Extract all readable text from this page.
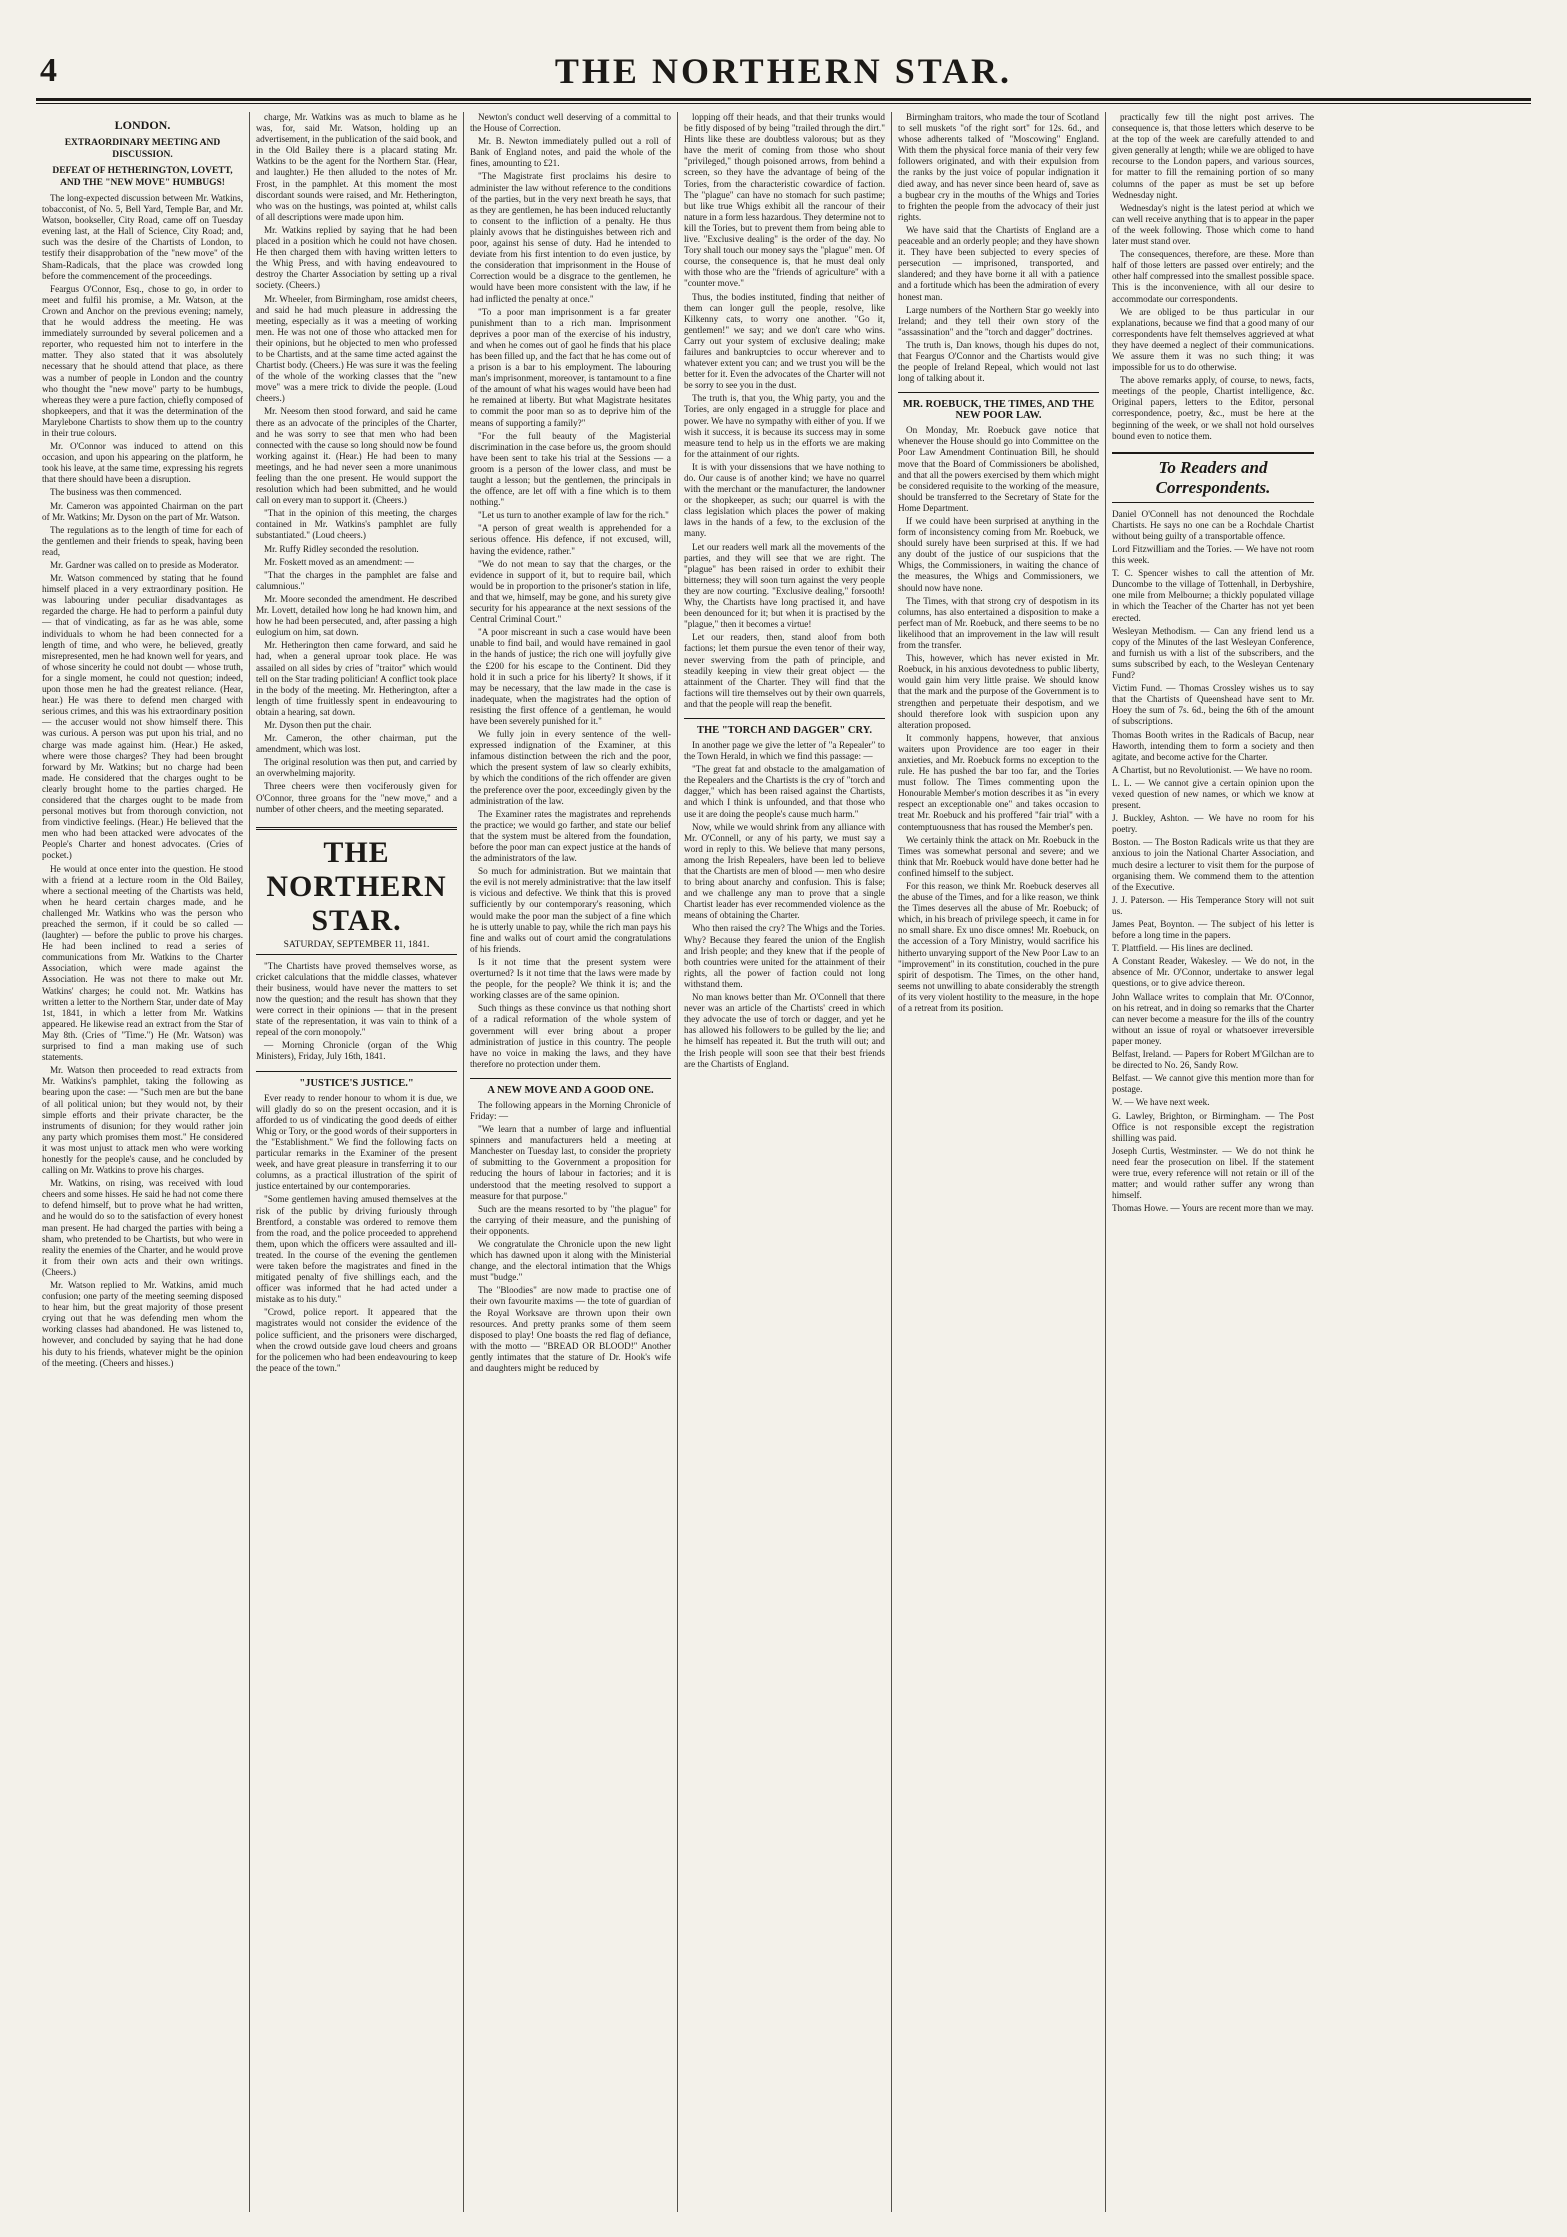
4	THE NORTHERN STAR.
LONDON.
EXTRAORDINARY MEETING AND DISCUSSION.
DEFEAT OF HETHERINGTON, LOVETT, AND THE "NEW MOVE" HUMBUGS!

The long-expected discussion between Mr. Watkins, tobacconist, of No. 5, Bell Yard, Temple Bar, and Mr. Watson, bookseller, City Road, came off on Tuesday evening last, at the Hall of Science, City Road; and, such was the desire of the Chartists of London, to testify their disapprobation of the "new move" of the Sham-Radicals, that the place was crowded long before the commencement of the proceedings.

Feargus O'Connor, Esq., chose to go, in order to meet and fulfil his promise, a Mr. Watson, at the Crown and Anchor on the previous evening; namely, that he would address the meeting. He was immediately surrounded by several policemen and a reporter, who requested him not to interfere in the matter. They also stated that it was absolutely necessary that he should attend that place, as there was a number of people in London and the country who thought the "new move" party to be humbugs, whereas they were a pure faction, chiefly composed of shopkeepers, and that it was the determination of the Marylebone Chartists to show them up to the country in their true colours.

Mr. O'Connor was induced to attend on this occasion, and upon his appearing on the platform, he took his leave, at the same time, expressing his regrets that there should have been a disruption.

The business was then commenced.

Mr. Cameron was appointed Chairman on the part of Mr. Watkins; Mr. Dyson on the part of Mr. Watson.

The regulations as to the length of time for each of the gentlemen and their friends to speak, having been read,

Mr. Gardner was called on to preside as Moderator.

Mr. Watson commenced by stating that he found himself placed in a very extraordinary position. He was labouring under peculiar disadvantages as regarded the charge. He had to perform a painful duty — that of vindicating, as far as he was able, some individuals to whom he had been connected for a length of time, and who were, he believed, greatly misrepresented, men he had known well for years, and of whose sincerity he could not doubt — whose truth, for a single moment, he could not question; indeed, upon those men he had the greatest reliance. (Hear, hear.) He was there to defend men charged with serious crimes, and this was his extraordinary position — the accuser would not show himself there. This was curious. A person was put upon his trial, and no charge was made against him. (Hear.) He asked, where were those charges? They had been brought forward by Mr. Watkins; but no charge had been made. He considered that the charges ought to be clearly brought home to the parties charged. He considered that the charges ought to be made from personal motives but from thorough conviction, not from vindictive feelings. (Hear.) He believed that the men who had been attacked were advocates of the People's Charter and honest advocates. (Cries of pocket.)

He would at once enter into the question. He stood with a friend at a lecture room in the Old Bailey, where a sectional meeting of the Chartists was held, when he heard certain charges made, and he challenged Mr. Watkins who was the person who preached the sermon, if it could be so called — (laughter) — before the public to prove his charges. He had been inclined to read a series of communications from Mr. Watkins to the Charter Association, which were made against the Association. He was not there to make out Mr. Watkins' charges; he could not. Mr. Watkins has written a letter to the Northern Star, under date of May 1st, 1841, in which a letter from Mr. Watkins appeared. He likewise read an extract from the Star of May 8th. (Cries of "Time.") He (Mr. Watson) was surprised to find a man making use of such statements.

Mr. Watson then proceeded to read extracts from Mr. Watkins's pamphlet, taking the following as bearing upon the case: — "Such men are but the bane of all political union; but they would not, by their simple efforts and their private character, be the instruments of disunion; for they would rather join any party which promises them most." He considered it was most unjust to attack men who were working honestly for the people's cause, and he concluded by calling on Mr. Watkins to prove his charges.

Mr. Watkins, on rising, was received with loud cheers and some hisses. He said he had not come there to defend himself, but to prove what he had written, and he would do so to the satisfaction of every honest man present. He had charged the parties with being a sham, who pretended to be Chartists, but who were in reality the enemies of the Charter, and he would prove it from their own acts and their own writings. (Cheers.)

Mr. Watson replied to Mr. Watkins, amid much confusion; one party of the meeting seeming disposed to hear him, but the great majority of those present crying out that he was defending men whom the working classes had abandoned. He was listened to, however, and concluded by saying that he had done his duty to his friends, whatever might be the opinion of the meeting. (Cheers and hisses.)

charge, Mr. Watkins was as much to blame as he was, for, said Mr. Watson, holding up an advertisement, in the publication of the said book, and in the Old Bailey there is a placard stating Mr. Watkins to be the agent for the Northern Star. (Hear, and laughter.) He then alluded to the notes of Mr. Frost, in the pamphlet. At this moment the most discordant sounds were raised, and Mr. Hetherington, who was on the hustings, was pointed at, whilst calls of all descriptions were made upon him.

Mr. Watkins replied by saying that he had been placed in a position which he could not have chosen. He then charged them with having written letters to the Whig Press, and with having endeavoured to destroy the Charter Association by setting up a rival society. (Cheers.)

Mr. Wheeler, from Birmingham, rose amidst cheers, and said he had much pleasure in addressing the meeting, especially as it was a meeting of working men. He was not one of those who attacked men for their opinions, but he objected to men who professed to be Chartists, and at the same time acted against the Chartist body. (Cheers.) He was sure it was the feeling of the whole of the working classes that the "new move" was a mere trick to divide the people. (Loud cheers.)

Mr. Neesom then stood forward, and said he came there as an advocate of the principles of the Charter, and he was sorry to see that men who had been connected with the cause so long should now be found working against it. (Hear.) He had been to many meetings, and he had never seen a more unanimous feeling than the one present. He would support the resolution which had been submitted, and he would call on every man to support it. (Cheers.)

"That in the opinion of this meeting, the charges contained in Mr. Watkins's pamphlet are fully substantiated." (Loud cheers.)

Mr. Ruffy Ridley seconded the resolution.

Mr. Foskett moved as an amendment: —

"That the charges in the pamphlet are false and calumnious."

Mr. Moore seconded the amendment. He described Mr. Lovett, detailed how long he had known him, and how he had been persecuted, and, after passing a high eulogium on him, sat down.

Mr. Hetherington then came forward, and said he had, when a general uproar took place. He was assailed on all sides by cries of "traitor" which would tell on the Star trading politician! A conflict took place in the body of the meeting. Mr. Hetherington, after a length of time fruitlessly spent in endeavouring to obtain a hearing, sat down.

Mr. Dyson then put the chair.

Mr. Cameron, the other chairman, put the amendment, which was lost.

The original resolution was then put, and carried by an overwhelming majority.

Three cheers were then vociferously given for O'Connor, three groans for the "new move," and a number of other cheers, and the meeting separated.

THE NORTHERN STAR.
SATURDAY, SEPTEMBER 11, 1841.

"The Chartists have proved themselves worse, as cricket calculations that the middle classes, whatever their business, would have never the matters to set now the question; and the result has shown that they were correct in their opinions — that in the present state of the representation, it was vain to think of a repeal of the corn monopoly."

— Morning Chronicle (organ of the Whig Ministers), Friday, July 16th, 1841.

"JUSTICE'S JUSTICE."

Ever ready to render honour to whom it is due, we will gladly do so on the present occasion, and it is afforded to us of vindicating the good deeds of either Whig or Tory, or the good words of their supporters in the "Establishment." We find the following facts on particular remarks in the Examiner of the present week, and have great pleasure in transferring it to our columns, as a practical illustration of the spirit of justice entertained by our contemporaries.

"Some gentlemen having amused themselves at the risk of the public by driving furiously through Brentford, a constable was ordered to remove them from the road, and the police proceeded to apprehend them, upon which the officers were assaulted and ill-treated. In the course of the evening the gentlemen were taken before the magistrates and fined in the mitigated penalty of five shillings each, and the officer was informed that he had acted under a mistake as to his duty."

"Crowd, police report. It appeared that the magistrates would not consider the evidence of the police sufficient, and the prisoners were discharged, when the crowd outside gave loud cheers and groans for the policemen who had been endeavouring to keep the peace of the town."

Newton's conduct well deserving of a committal to the House of Correction.

Mr. B. Newton immediately pulled out a roll of Bank of England notes, and paid the whole of the fines, amounting to £21.

"The Magistrate first proclaims his desire to administer the law without reference to the conditions of the parties, but in the very next breath he says, that as they are gentlemen, he has been induced reluctantly to consent to the infliction of a penalty. He thus plainly avows that he distinguishes between rich and poor, against his sense of duty. Had he intended to deviate from his first intention to do even justice, by the consideration that imprisonment in the House of Correction would be a disgrace to the gentlemen, he would have been more consistent with the law, if he had inflicted the penalty at once."

"To a poor man imprisonment is a far greater punishment than to a rich man. Imprisonment deprives a poor man of the exercise of his industry, and when he comes out of gaol he finds that his place has been filled up, and the fact that he has come out of a prison is a bar to his employment. The labouring man's imprisonment, moreover, is tantamount to a fine of the amount of what his wages would have been had he remained at liberty. But what Magistrate hesitates to commit the poor man so as to deprive him of the means of supporting a family?"

"For the full beauty of the Magisterial discrimination in the case before us, the groom should have been sent to take his trial at the Sessions — a groom is a person of the lower class, and must be taught a lesson; but the gentlemen, the principals in the offence, are let off with a fine which is to them nothing."

"Let us turn to another example of law for the rich."

"A person of great wealth is apprehended for a serious offence. His defence, if not excused, will, having the evidence, rather."

"We do not mean to say that the charges, or the evidence in support of it, but to require bail, which would be in proportion to the prisoner's station in life, and that we, himself, may be gone, and his surety give security for his appearance at the next sessions of the Central Criminal Court."

"A poor miscreant in such a case would have been unable to find bail, and would have remained in gaol in the hands of justice; the rich one will joyfully give the £200 for his escape to the Continent. Did they hold it in such a price for his liberty? It shows, if it may be necessary, that the law made in the case is inadequate, when the magistrates had the option of resisting the first offence of a gentleman, he would have been severely punished for it."

We fully join in every sentence of the well-expressed indignation of the Examiner, at this infamous distinction between the rich and the poor, which the present system of law so clearly exhibits, by which the conditions of the rich offender are given the preference over the poor, exceedingly given by the administration of the law.

The Examiner rates the magistrates and reprehends the practice; we would go farther, and state our belief that the system must be altered from the foundation, before the poor man can expect justice at the hands of the administrators of the law.

So much for administration. But we maintain that the evil is not merely administrative: that the law itself is vicious and defective. We think that this is proved sufficiently by our contemporary's reasoning, which would make the poor man the subject of a fine which he is utterly unable to pay, while the rich man pays his fine and walks out of court amid the congratulations of his friends.

Is it not time that the present system were overturned? Is it not time that the laws were made by the people, for the people? We think it is; and the working classes are of the same opinion.

Such things as these convince us that nothing short of a radical reformation of the whole system of government will ever bring about a proper administration of justice in this country. The people have no voice in making the laws, and they have therefore no protection under them.

A NEW MOVE AND A GOOD ONE.

The following appears in the Morning Chronicle of Friday: —

"We learn that a number of large and influential spinners and manufacturers held a meeting at Manchester on Tuesday last, to consider the propriety of submitting to the Government a proposition for reducing the hours of labour in factories; and it is understood that the meeting resolved to support a measure for that purpose."

Such are the means resorted to by "the plague" for the carrying of their measure, and the punishing of their opponents.

We congratulate the Chronicle upon the new light which has dawned upon it along with the Ministerial change, and the electoral intimation that the Whigs must "budge."

The "Bloodies" are now made to practise one of their own favourite maxims — the tote of guardian of the Royal Worksave are thrown upon their own resources. And pretty pranks some of them seem disposed to play! One boasts the red flag of defiance, with the motto — "BREAD OR BLOOD!" Another gently intimates that the stature of Dr. Hook's wife and daughters might be reduced by

lopping off their heads, and that their trunks would be fitly disposed of by being "trailed through the dirt." Hints like these are doubtless valorous; but as they have the merit of coming from those who shout "privileged," though poisoned arrows, from behind a screen, so they have the advantage of being of the Tories, from the characteristic cowardice of faction. The "plague" can have no stomach for such pastime; but like true Whigs exhibit all the rancour of their nature in a form less hazardous. They determine not to kill the Tories, but to prevent them from being able to live. "Exclusive dealing" is the order of the day. No Tory shall touch our money says the "plague" men. Of course, the consequence is, that he must deal only with those who are the "friends of agriculture" with a "counter move."

Thus, the bodies instituted, finding that neither of them can longer gull the people, resolve, like Kilkenny cats, to worry one another. "Go it, gentlemen!" we say; and we don't care who wins. Carry out your system of exclusive dealing; make failures and bankruptcies to occur wherever and to whatever extent you can; and we trust you will be the better for it. Even the advocates of the Charter will not be sorry to see you in the dust.

The truth is, that you, the Whig party, you and the Tories, are only engaged in a struggle for place and power. We have no sympathy with either of you. If we wish it success, it is because its success may in some measure tend to help us in the efforts we are making for the attainment of our rights.

It is with your dissensions that we have nothing to do. Our cause is of another kind; we have no quarrel with the merchant or the manufacturer, the landowner or the shopkeeper, as such; our quarrel is with the class legislation which places the power of making laws in the hands of a few, to the exclusion of the many.

Let our readers well mark all the movements of the parties, and they will see that we are right. The "plague" has been raised in order to exhibit their bitterness; they will soon turn against the very people they are now courting. "Exclusive dealing," forsooth! Why, the Chartists have long practised it, and have been denounced for it; but when it is practised by the "plague," then it becomes a virtue!

Let our readers, then, stand aloof from both factions; let them pursue the even tenor of their way, never swerving from the path of principle, and steadily keeping in view their great object — the attainment of the Charter. They will find that the factions will tire themselves out by their own quarrels, and that the people will reap the benefit.

THE "TORCH AND DAGGER" CRY.

In another page we give the letter of "a Repealer" to the Town Herald, in which we find this passage: —

"The great fat and obstacle to the amalgamation of the Repealers and the Chartists is the cry of "torch and dagger," which has been raised against the Chartists, and which I think is unfounded, and that those who use it are doing the people's cause much harm."

Now, while we would shrink from any alliance with Mr. O'Connell, or any of his party, we must say a word in reply to this. We believe that many persons, among the Irish Repealers, have been led to believe that the Chartists are men of blood — men who desire to bring about anarchy and confusion. This is false; and we challenge any man to prove that a single Chartist leader has ever recommended violence as the means of obtaining the Charter.

Who then raised the cry? The Whigs and the Tories. Why? Because they feared the union of the English and Irish people; and they knew that if the people of both countries were united for the attainment of their rights, all the power of faction could not long withstand them.

No man knows better than Mr. O'Connell that there never was an article of the Chartists' creed in which they advocate the use of torch or dagger, and yet he has allowed his followers to be gulled by the lie; and he himself has repeated it. But the truth will out; and the Irish people will soon see that their best friends are the Chartists of England.

Birmingham traitors, who made the tour of Scotland to sell muskets "of the right sort" for 12s. 6d., and whose adherents talked of "Moscowing" England. With them the physical force mania of their very few followers originated, and with their expulsion from the ranks by the just voice of popular indignation it died away, and has never since been heard of, save as a bugbear cry in the mouths of the Whigs and Tories to frighten the people from the advocacy of their just rights.

We have said that the Chartists of England are a peaceable and an orderly people; and they have shown it. They have been subjected to every species of persecution — imprisoned, transported, and slandered; and they have borne it all with a patience and a fortitude which has been the admiration of every honest man.

Large numbers of the Northern Star go weekly into Ireland; and they tell their own story of the "assassination" and the "torch and dagger" doctrines.

The truth is, Dan knows, though his dupes do not, that Feargus O'Connor and the Chartists would give the people of Ireland Repeal, which would not last long of talking about it.

MR. ROEBUCK, THE TIMES, AND THE NEW POOR LAW.

On Monday, Mr. Roebuck gave notice that whenever the House should go into Committee on the Poor Law Amendment Continuation Bill, he should move that the Board of Commissioners be abolished, and that all the powers exercised by them which might be considered requisite to the working of the measure, should be transferred to the Secretary of State for the Home Department.

If we could have been surprised at anything in the form of inconsistency coming from Mr. Roebuck, we should surely have been surprised at this. If we had any doubt of the justice of our suspicions that the Whigs, the Commissioners, in waiting the chance of the measures, the Whigs and Commissioners, we should now have none.

The Times, with that strong cry of despotism in its columns, has also entertained a disposition to make a perfect man of Mr. Roebuck, and there seems to be no likelihood that an improvement in the law will result from the transfer.

This, however, which has never existed in Mr. Roebuck, in his anxious devotedness to public liberty, would gain him very little praise. We should know that the mark and the purpose of the Government is to strengthen and perpetuate their despotism, and we should therefore look with suspicion upon any alteration proposed.

It commonly happens, however, that anxious waiters upon Providence are too eager in their anxieties, and Mr. Roebuck forms no exception to the rule. He has pushed the bar too far, and the Tories must follow. The Times commenting upon the Honourable Member's motion describes it as "in every respect an exceptionable one" and takes occasion to treat Mr. Roebuck and his proffered "fair trial" with a contemptuousness that has roused the Member's pen.

We certainly think the attack on Mr. Roebuck in the Times was somewhat personal and severe; and we think that Mr. Roebuck would have done better had he confined himself to the subject.

For this reason, we think Mr. Roebuck deserves all the abuse of the Times, and for a like reason, we think the Times deserves all the abuse of Mr. Roebuck; of which, in his breach of privilege speech, it came in for no small share. Ex uno disce omnes! Mr. Roebuck, on the accession of a Tory Ministry, would sacrifice his hitherto unvarying support of the New Poor Law to an "improvement" in its constitution, couched in the pure spirit of despotism. The Times, on the other hand, seems not unwilling to abate considerably the strength of its very violent hostility to the measure, in the hope of a retreat from its position.

practically few till the night post arrives. The consequence is, that those letters which deserve to be at the top of the week are carefully attended to and given generally at length; while we are obliged to have recourse to the London papers, and various sources, for matter to fill the remaining portion of so many columns of the paper as must be set up before Wednesday night.

Wednesday's night is the latest period at which we can well receive anything that is to appear in the paper of the week following. Those which come to hand later must stand over.

The consequences, therefore, are these. More than half of those letters are passed over entirely; and the other half compressed into the smallest possible space. This is the inconvenience, with all our desire to accommodate our correspondents.

We are obliged to be thus particular in our explanations, because we find that a good many of our correspondents have felt themselves aggrieved at what they have deemed a neglect of their communications. We assure them it was no such thing; it was impossible for us to do otherwise.

The above remarks apply, of course, to news, facts, meetings of the people, Chartist intelligence, &c. Original papers, letters to the Editor, personal correspondence, poetry, &c., must be here at the beginning of the week, or we shall not hold ourselves bound even to notice them.

To Readers and Correspondents.

Daniel O'Connell has not denounced the Rochdale Chartists. He says no one can be a Rochdale Chartist without being guilty of a transportable offence.

Lord Fitzwilliam and the Tories. — We have not room this week.

T. C. Spencer wishes to call the attention of Mr. Duncombe to the village of Tottenhall, in Derbyshire, one mile from Melbourne; a thickly populated village in which the Teacher of the Charter has not yet been erected.

Wesleyan Methodism. — Can any friend lend us a copy of the Minutes of the last Wesleyan Conference, and furnish us with a list of the subscribers, and the sums subscribed by each, to the Wesleyan Centenary Fund?

Victim Fund. — Thomas Crossley wishes us to say that the Chartists of Queenshead have sent to Mr. Hoey the sum of 7s. 6d., being the 6th of the amount of subscriptions.

Thomas Booth writes in the Radicals of Bacup, near Haworth, intending them to form a society and then agitate, and become active for the Charter.

A Chartist, but no Revolutionist. — We have no room.

L. L. — We cannot give a certain opinion upon the vexed question of new names, or which we know at present.

J. Buckley, Ashton. — We have no room for his poetry.

Boston. — The Boston Radicals write us that they are anxious to join the National Charter Association, and much desire a lecturer to visit them for the purpose of organising them. We commend them to the attention of the Executive.

J. J. Paterson. — His Temperance Story will not suit us.

James Peat, Boynton. — The subject of his letter is before a long time in the papers.

T. Plattfield. — His lines are declined.

A Constant Reader, Wakesley. — We do not, in the absence of Mr. O'Connor, undertake to answer legal questions, or to give advice thereon.

John Wallace writes to complain that Mr. O'Connor, on his retreat, and in doing so remarks that the Charter can never become a measure for the ills of the country without an issue of royal or whatsoever irreversible paper money.

Belfast, Ireland. — Papers for Robert M'Gilchan are to be directed to No. 26, Sandy Row.

Belfast. — We cannot give this mention more than for postage.

W. — We have next week.

G. Lawley, Brighton, or Birmingham. — The Post Office is not responsible except the registration shilling was paid.

Joseph Curtis, Westminster. — We do not think he need fear the prosecution on libel. If the statement were true, every reference will not retain or ill of the matter; and would rather suffer any wrong than himself.

Thomas Howe. — Yours are recent more than we may.
